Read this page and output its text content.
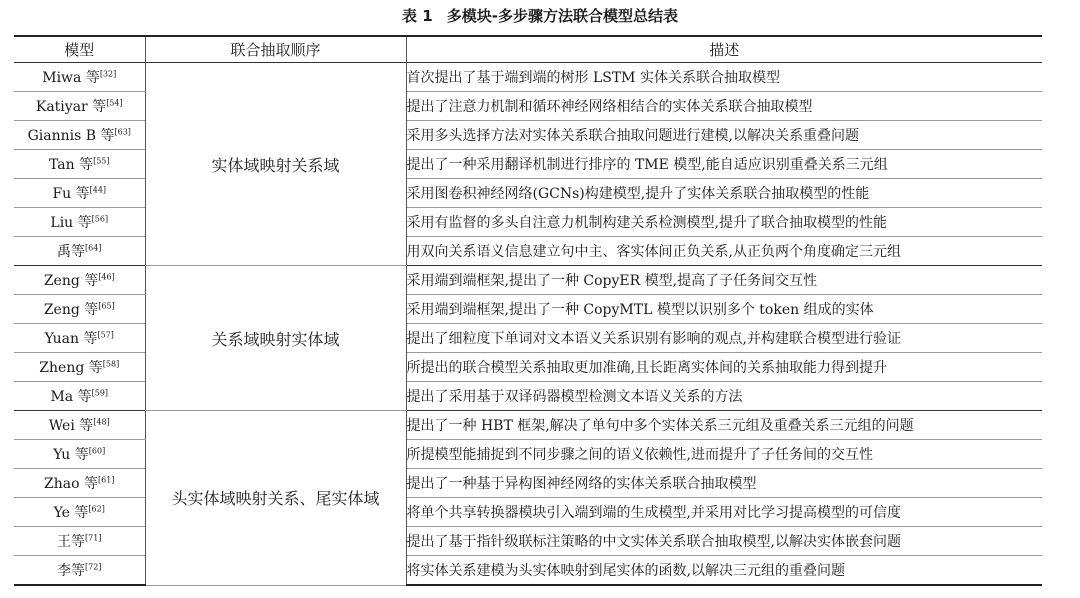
表 1 多模块-多步骤方法联合模型总结表
模型	联合抽取顺序	描述
Miwa 等[32]	实体域映射关系域	首次提出了基于端到端的树形 LSTM 实体关系联合抽取模型
Katiyar 等[54]		提出了注意力机制和循环神经网络相结合的实体关系联合抽取模型
Giannis B 等[63]		采用多头选择方法对实体关系联合抽取问题进行建模,以解决关系重叠问题
Tan 等[55]		提出了一种采用翻译机制进行排序的 TME 模型,能自适应识别重叠关系三元组
Fu 等[44]		采用图卷积神经网络(GCNs)构建模型,提升了实体关系联合抽取模型的性能
Liu 等[56]		采用有监督的多头自注意力机制构建关系检测模型,提升了联合抽取模型的性能
禹等[64]		用双向关系语义信息建立句中主、客实体间正负关系,从正负两个角度确定三元组
Zeng 等[46]	关系域映射实体域	采用端到端框架,提出了一种 CopyER 模型,提高了子任务间交互性
Zeng 等[65]		采用端到端框架,提出了一种 CopyMTL 模型以识别多个 token 组成的实体
Yuan 等[57]		提出了细粒度下单词对文本语义关系识别有影响的观点,并构建联合模型进行验证
Zheng 等[58]		所提出的联合模型关系抽取更加准确,且长距离实体间的关系抽取能力得到提升
Ma 等[59]		提出了采用基于双译码器模型检测文本语义关系的方法
Wei 等[48]	头实体域映射关系、尾实体域	提出了一种 HBT 框架,解决了单句中多个实体关系三元组及重叠关系三元组的问题
Yu 等[60]		所提模型能捕捉到不同步骤之间的语义依赖性,进而提升了子任务间的交互性
Zhao 等[61]		提出了一种基于异构图神经网络的实体关系联合抽取模型
Ye 等[62]		将单个共享转换器模块引入端到端的生成模型,并采用对比学习提高模型的可信度
王等[71]		提出了基于指针级联标注策略的中文实体关系联合抽取模型,以解决实体嵌套问题
李等[72]		将实体关系建模为头实体映射到尾实体的函数,以解决三元组的重叠问题
